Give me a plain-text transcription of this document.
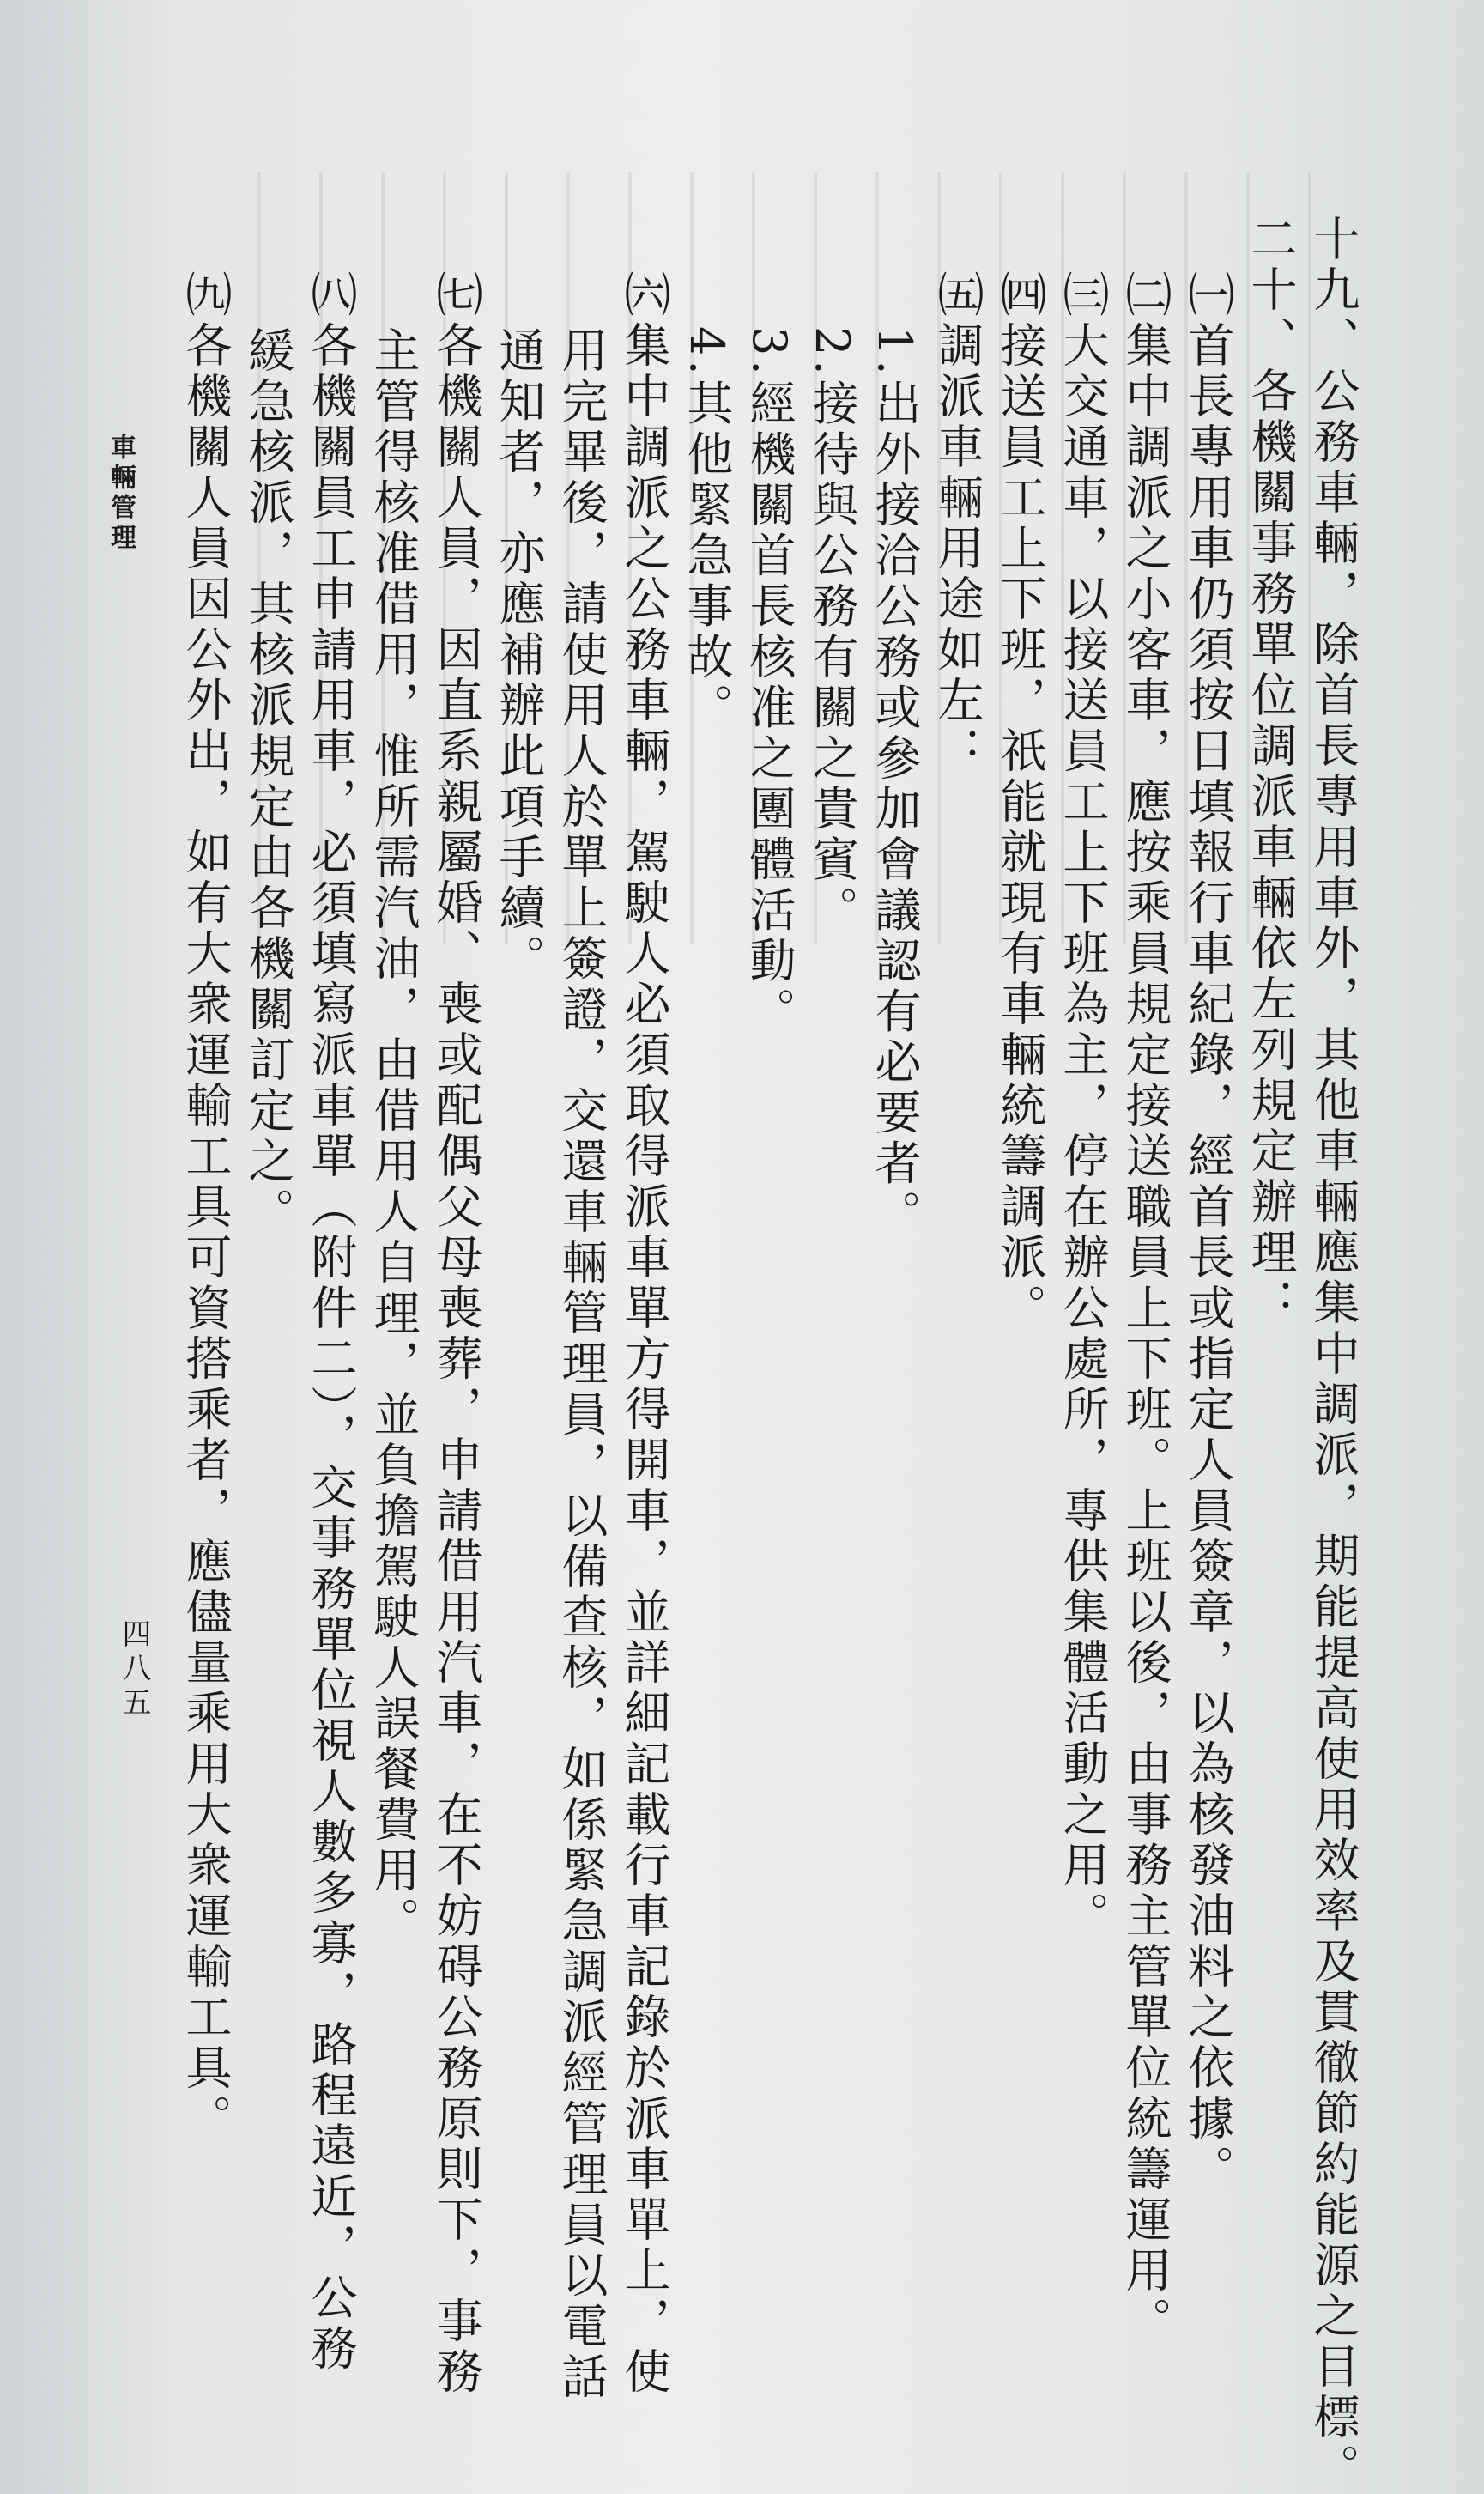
十九、公務車輛，除首長專用車外，其他車輛應集中調派，期能提高使用效率及貫徹節約能源之目標。
二十、各機關事務單位調派車輛依左列規定辦理：
㈠首長專用車仍須按日填報行車紀錄，經首長或指定人員簽章，以為核發油料之依據。
㈡集中調派之小客車，應按乘員規定接送職員上下班。上班以後，由事務主管單位統籌運用。
㈢大交通車，以接送員工上下班為主，停在辦公處所，專供集體活動之用。
㈣接送員工上下班，祇能就現有車輛統籌調派。
㈤調派車輛用途如左：
1.出外接洽公務或參加會議認有必要者。
2.接待與公務有關之貴賓。
3.經機關首長核准之團體活動。
4.其他緊急事故。
㈥集中調派之公務車輛，駕駛人必須取得派車單方得開車，並詳細記載行車記錄於派車單上，使
用完畢後，請使用人於單上簽證，交還車輛管理員，以備查核，如係緊急調派經管理員以電話
通知者，亦應補辦此項手續。
㈦各機關人員，因直系親屬婚、喪或配偶父母喪葬，申請借用汽車，在不妨碍公務原則下，事務
主管得核准借用，惟所需汽油，由借用人自理，並負擔駕駛人誤餐費用。
㈧各機關員工申請用車，必須填寫派車單（附件二），交事務單位視人數多寡，路程遠近，公務
緩急核派，其核派規定由各機關訂定之。
㈨各機關人員因公外出，如有大衆運輸工具可資搭乘者，應儘量乘用大衆運輸工具。
車輛管理
四八五
